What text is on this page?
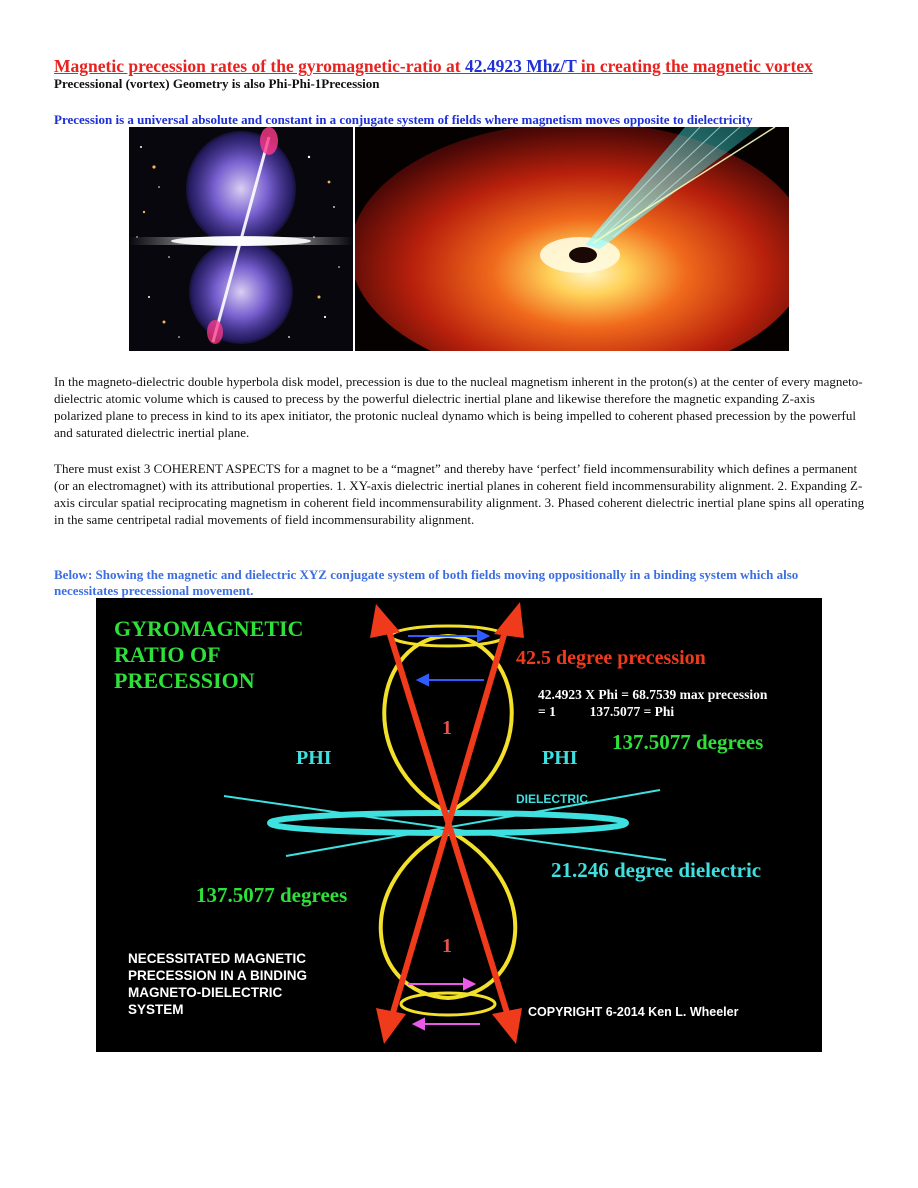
Magnetic precession rates of the gyromagnetic-ratio at 42.4923 Mhz/T in creating the magnetic vortex

Precessional (vortex) Geometry is also Phi-Phi-1Precession

Precession is a universal absolute and constant in a conjugate system of fields where magnetism moves opposite to dielectricity

In the magneto-dielectric double hyperbola disk model, precession is due to the nucleal magnetism inherent in the proton(s) at the center of every magneto-dielectric atomic volume which is caused to precess by the powerful dielectric inertial plane and likewise therefore the magnetic expanding Z-axis polarized plane to precess in kind to its apex initiator, the protonic nucleal dynamo which is being impelled to coherent phased precession by the powerful and saturated dielectric inertial plane.

There must exist 3 COHERENT ASPECTS for a magnet to be a “magnet” and thereby have ‘perfect’ field incommensurability which defines a permanent (or an electromagnet) with its attributional properties. 1. XY-axis dielectric inertial planes in coherent field incommensurability alignment. 2. Expanding Z-axis circular spatial reciprocating magnetism in coherent field incommensurability alignment. 3. Phased coherent dielectric inertial plane spins all operating in the same centripetal radial movements of field incommensurability alignment.

Below: Showing the magnetic and dielectric XYZ conjugate system of both fields moving oppositionally in a binding system which also necessitates precessional movement.

GYROMAGNETIC
RATIO OF
PRECESSION
42.5 degree precession
42.4923 X Phi = 68.7539 max precession
= 1          137.5077 = Phi
1
1
PHI	PHI
137.5077 degrees
DIELECTRIC
21.246 degree dielectric
137.5077 degrees
NECESSITATED MAGNETIC
PRECESSION IN A BINDING
MAGNETO-DIELECTRIC
SYSTEM	COPYRIGHT 6-2014 Ken L. Wheeler
